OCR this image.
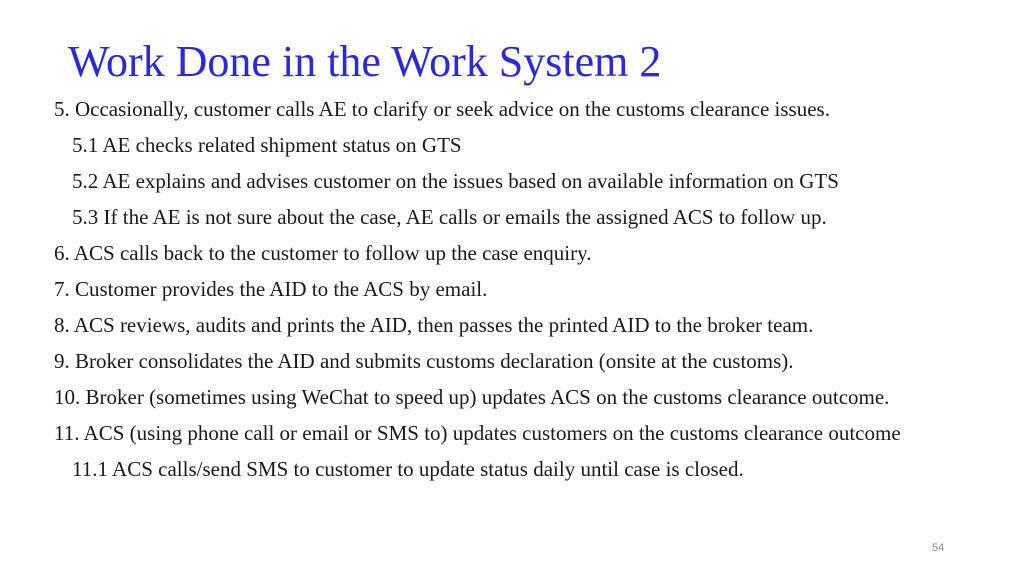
Work Done in the Work System 2
5. Occasionally, customer calls AE to clarify or seek advice on the customs clearance issues.
5.1 AE checks related shipment status on GTS
5.2 AE explains and advises customer on the issues based on available information on GTS
5.3 If the AE is not sure about the case, AE calls or emails the assigned ACS to follow up.
6. ACS calls back to the customer to follow up the case enquiry.
7. Customer provides the AID to the ACS by email.
8. ACS reviews, audits and prints the AID, then passes the printed AID to the broker team.
9. Broker consolidates the AID and submits customs declaration (onsite at the customs).
10. Broker (sometimes using WeChat to speed up) updates ACS on the customs clearance outcome.
11. ACS (using phone call or email or SMS to) updates customers on the customs clearance outcome
11.1 ACS calls/send SMS to customer to update status daily until case is closed.
54
